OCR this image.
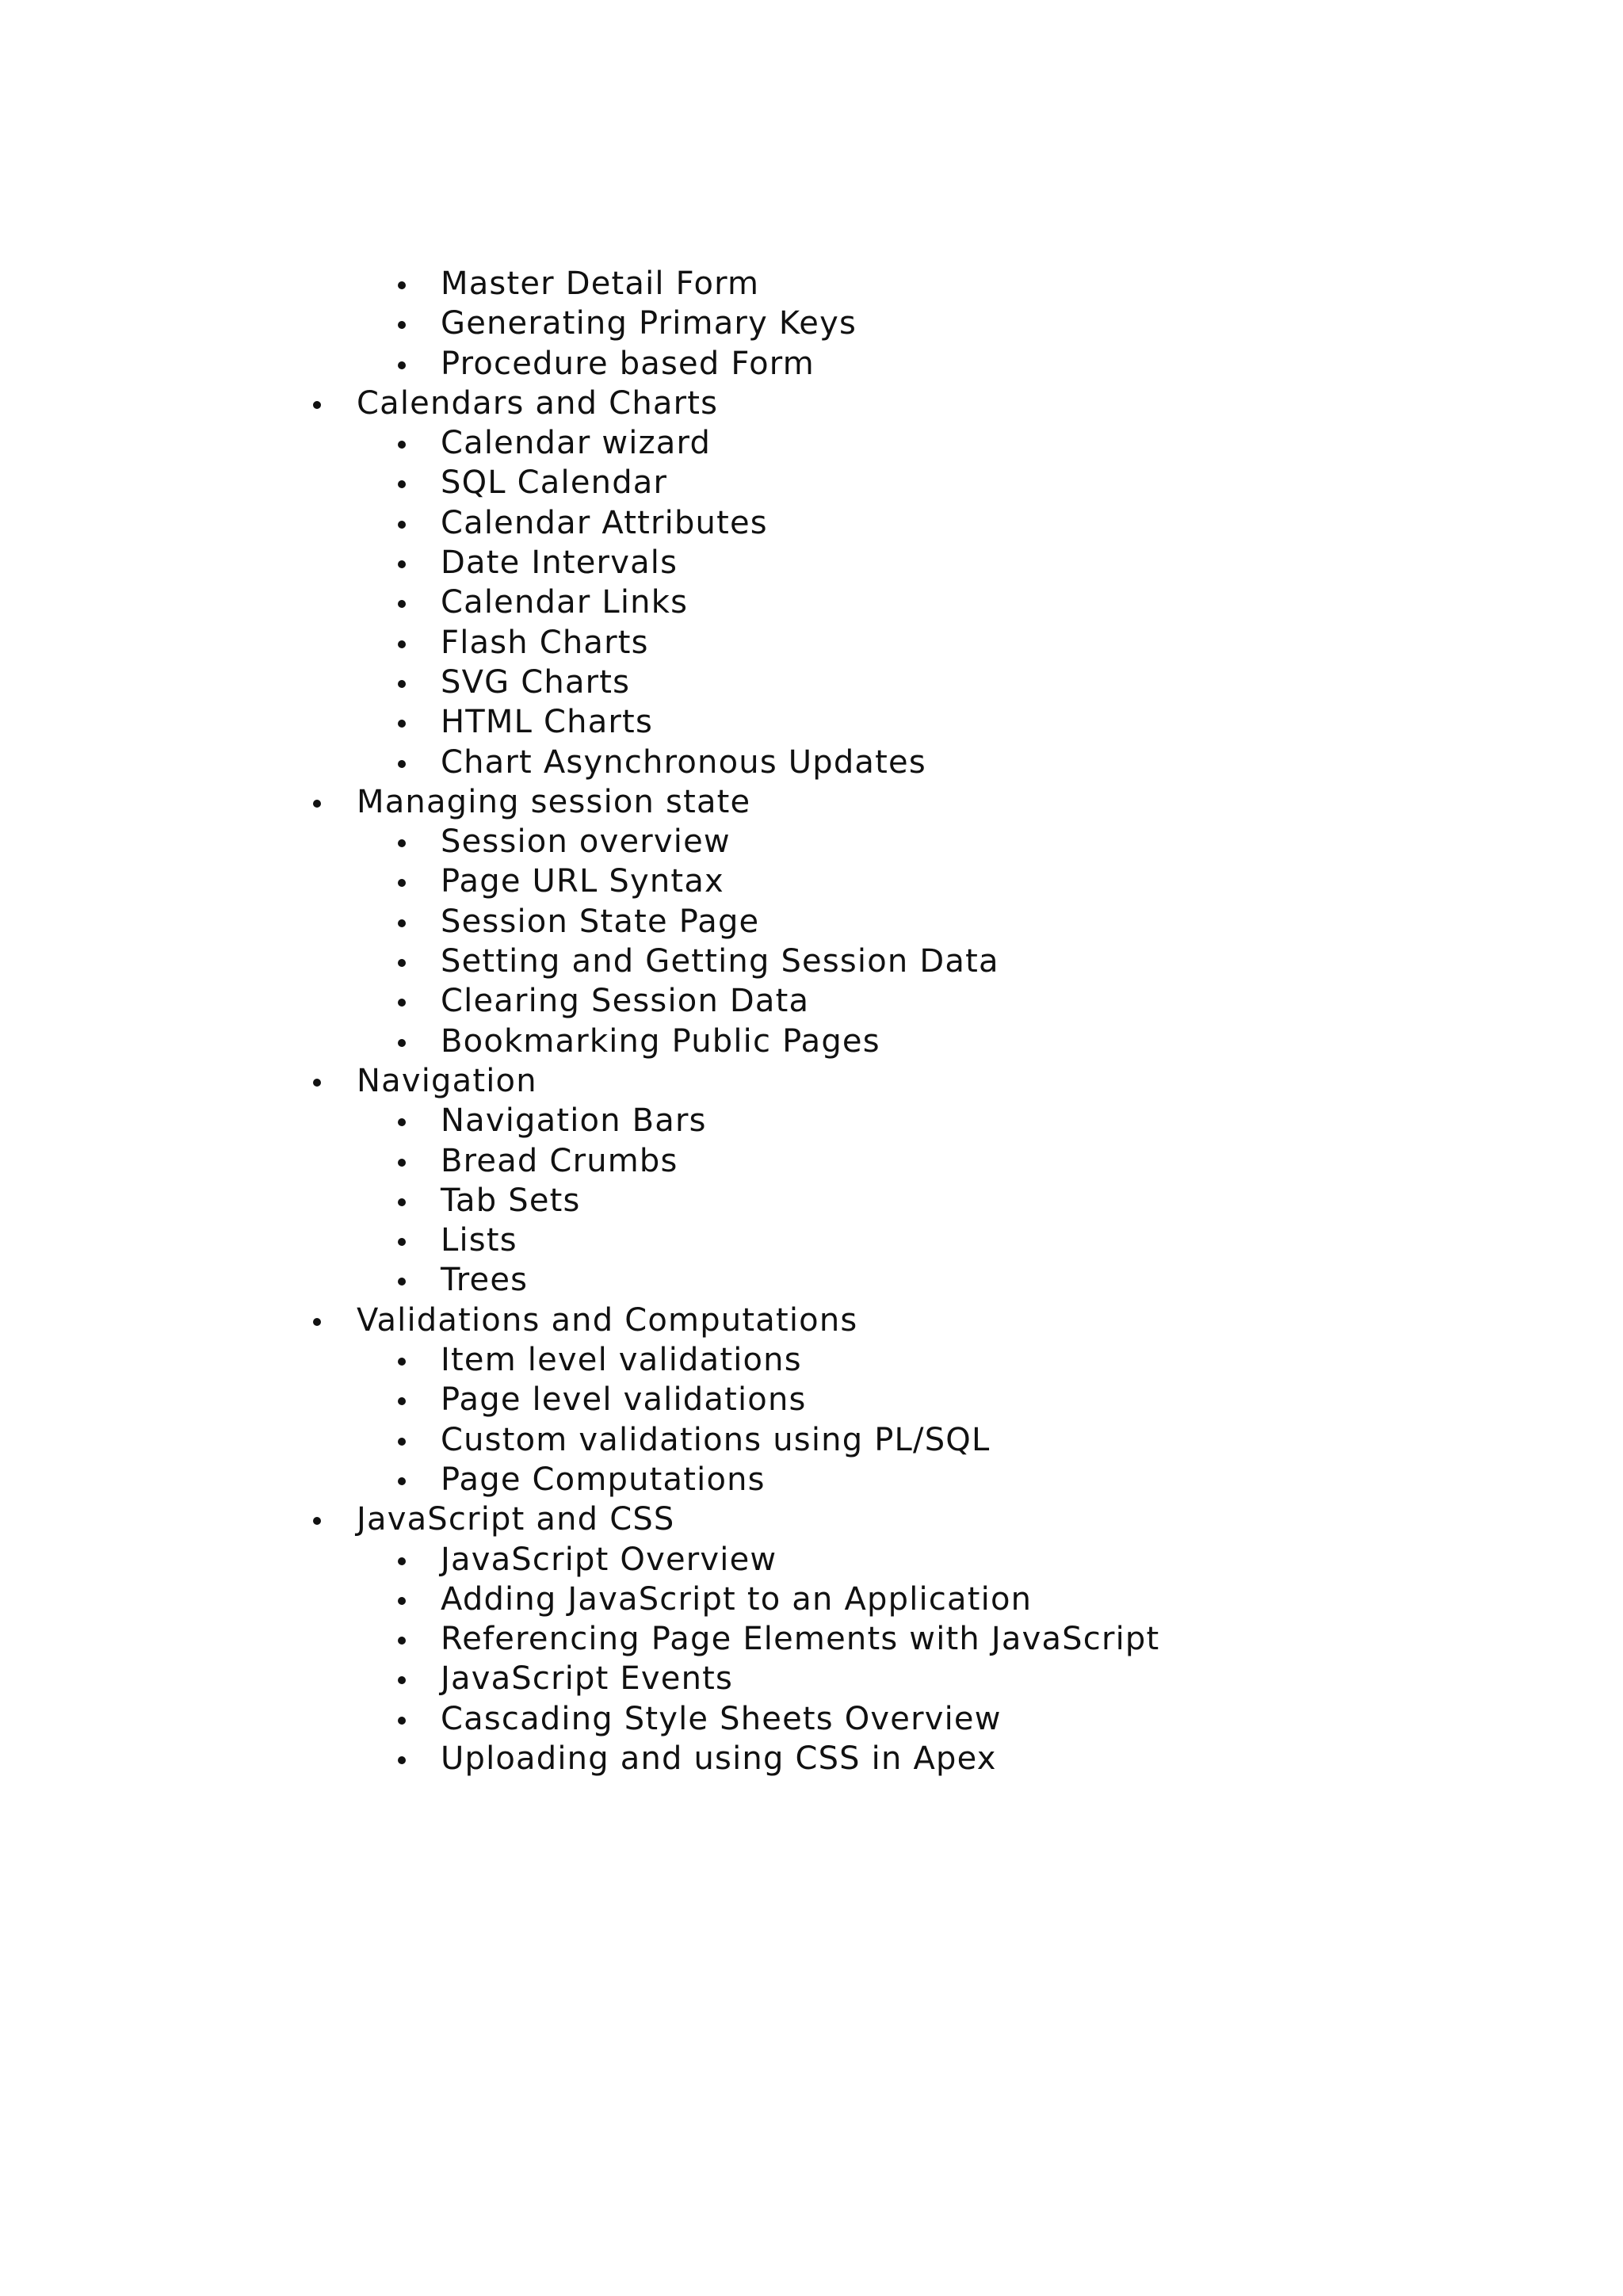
Master Detail Form
Generating Primary Keys
Procedure based Form
Calendars and Charts
Calendar wizard
SQL Calendar
Calendar Attributes
Date Intervals
Calendar Links
Flash Charts
SVG Charts
HTML Charts
Chart Asynchronous Updates
Managing session state
Session overview
Page URL Syntax
Session State Page
Setting and Getting Session Data
Clearing Session Data
Bookmarking Public Pages
Navigation
Navigation Bars
Bread Crumbs
Tab Sets
Lists
Trees
Validations and Computations
Item level validations
Page level validations
Custom validations using PL/SQL
Page Computations
JavaScript and CSS
JavaScript Overview
Adding JavaScript to an Application
Referencing Page Elements with JavaScript
JavaScript Events
Cascading Style Sheets Overview
Uploading and using CSS in Apex
